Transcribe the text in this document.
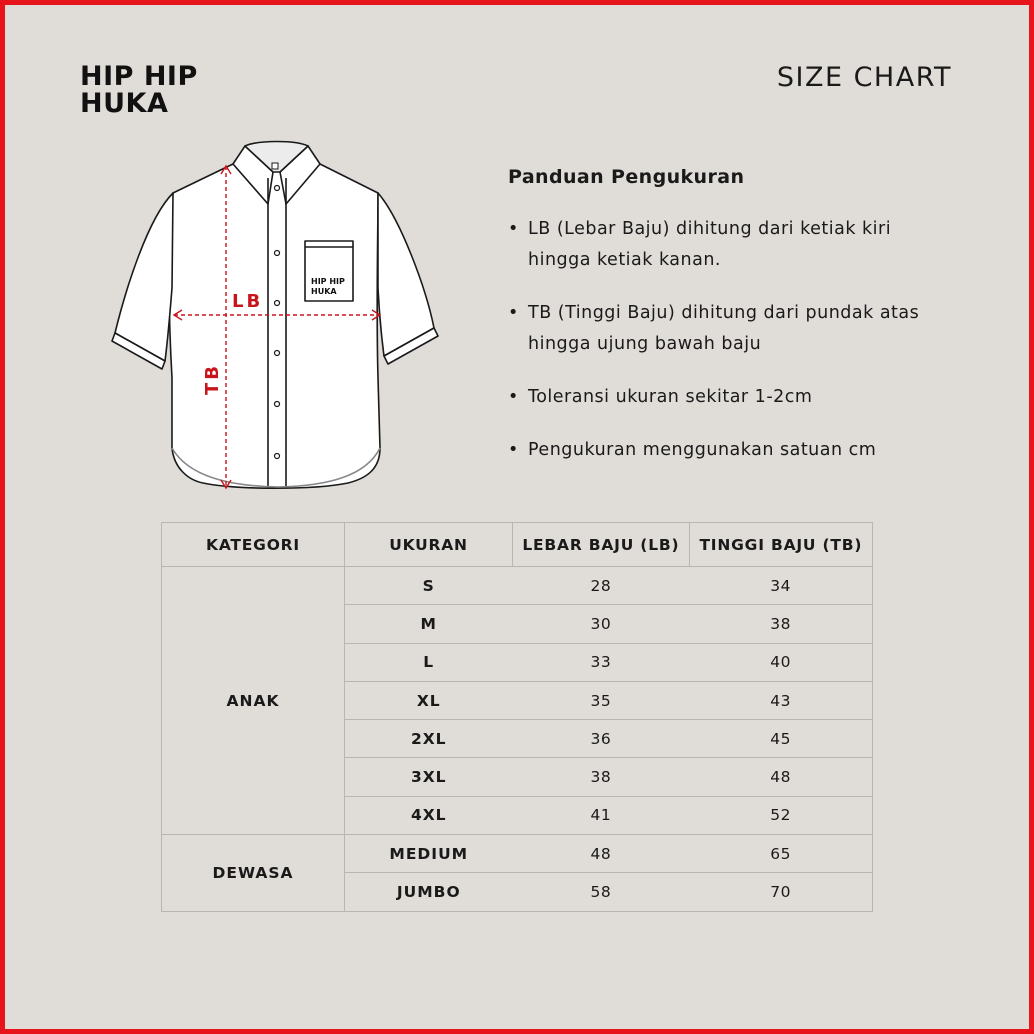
HIP HIP
HUKA
SIZE CHART
HIP HIP
HUKA
LB
TB
Panduan Pengukuran
• LB (Lebar Baju) dihitung dari ketiak kiri hingga ketiak kanan.
• TB (Tinggi Baju) dihitung dari pundak atas hingga ujung bawah baju
• Toleransi ukuran sekitar 1-2cm
• Pengukuran menggunakan satuan cm
KATEGORI	UKURAN	LEBAR BAJU (LB)	TINGGI BAJU (TB)
ANAK	S	28	34
	M	30	38
	L	33	40
	XL	35	43
	2XL	36	45
	3XL	38	48
	4XL	41	52
DEWASA	MEDIUM	48	65
	JUMBO	58	70
